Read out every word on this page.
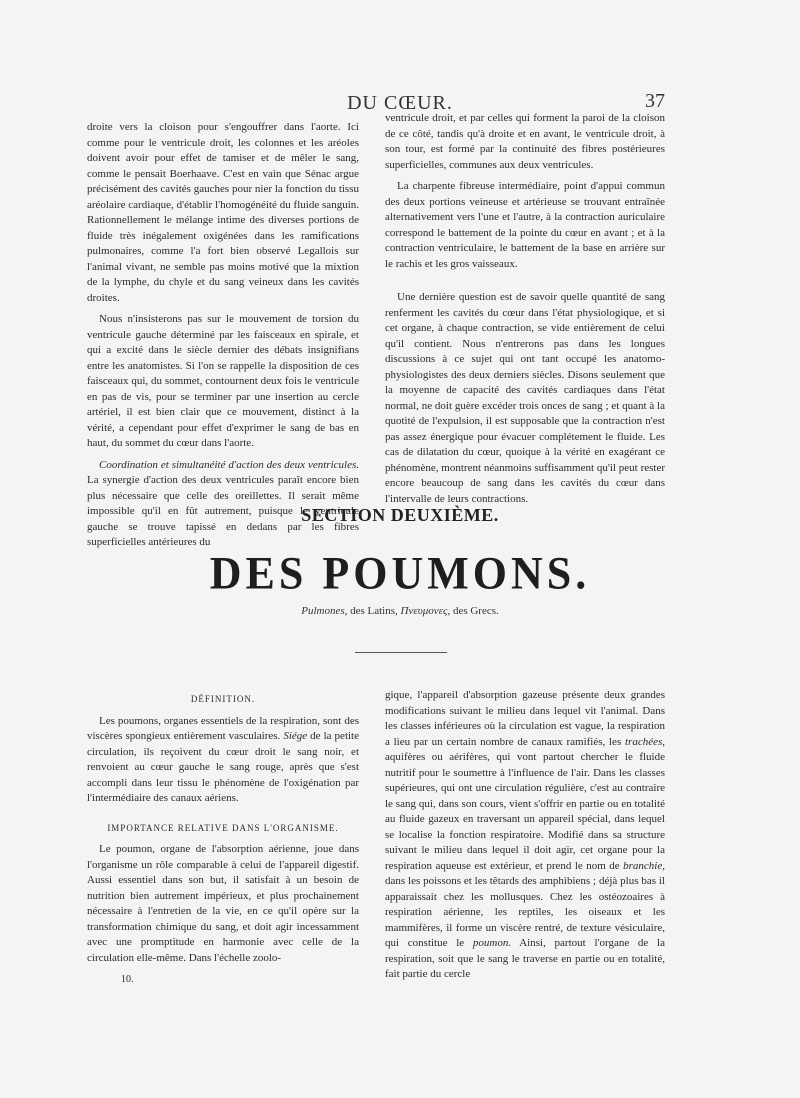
DU CŒUR.	37

droite vers la cloison pour s'engouffrer dans l'aorte. Ici comme pour le ventricule droit, les colonnes et les aréoles doivent avoir pour effet de tamiser et de mêler le sang, comme le pensait Boerhaave. C'est en vain que Sénac argue précisément des cavités gauches pour nier la fonction du tissu aréolaire cardiaque, d'établir l'homogénéité du fluide sanguin. Rationnellement le mélange intime des diverses portions de fluide très inégalement oxigénées dans les ramifications pulmonaires, comme l'a fort bien observé Legallois sur l'animal vivant, ne semble pas moins motivé que la mixtion de la lymphe, du chyle et du sang veineux dans les cavités droites.

Nous n'insisterons pas sur le mouvement de torsion du ventricule gauche déterminé par les faisceaux en spirale, et qui a excité dans le siècle dernier des débats insignifians entre les anatomistes. Si l'on se rappelle la disposition de ces faisceaux qui, du sommet, contournent deux fois le ventricule en pas de vis, pour se terminer par une insertion au cercle artériel, il est bien clair que ce mouvement, distinct à la vérité, a cependant pour effet d'exprimer le sang de bas en haut, du sommet du cœur dans l'aorte.

Coordination et simultanéité d'action des deux ventricules. La synergie d'action des deux ventricules paraît encore bien plus nécessaire que celle des oreillettes. Il serait même impossible qu'il en fût autrement, puisque le ventricule gauche se trouve tapissé en dedans par les fibres superficielles antérieures du

ventricule droit, et par celles qui forment la paroi de la cloison de ce côté, tandis qu'à droite et en avant, le ventricule droit, à son tour, est formé par la continuité des fibres postérieures superficielles, communes aux deux ventricules.

La charpente fibreuse intermédiaire, point d'appui commun des deux portions veineuse et artérieuse se trouvant entraînée alternativement vers l'une et l'autre, à la contraction auriculaire correspond le battement de la pointe du cœur en avant ; et à la contraction ventriculaire, le battement de la base en arrière sur le rachis et les gros vaisseaux.

Une dernière question est de savoir quelle quantité de sang renferment les cavités du cœur dans l'état physiologique, et si cet organe, à chaque contraction, se vide entièrement de celui qu'il contient. Nous n'entrerons pas dans les longues discussions à ce sujet qui ont tant occupé les anatomo-physiologistes des deux derniers siècles. Disons seulement que la moyenne de capacité des cavités cardiaques dans l'état normal, ne doit guère excéder trois onces de sang ; et quant à la quotité de l'expulsion, il est supposable que la contraction n'est pas assez énergique pour évacuer complétement le fluide. Les cas de dilatation du cœur, quoique à la vérité en exagérant ce phénomène, montrent néanmoins suffisamment qu'il peut rester encore beaucoup de sang dans les cavités du cœur dans l'intervalle de leurs contractions.

SECTION DEUXIÈME.
DES POUMONS.
Pulmones, des Latins, Πνευμονες, des Grecs.

DÉFINITION.

Les poumons, organes essentiels de la respiration, sont des viscères spongieux entièrement vasculaires. Siége de la petite circulation, ils reçoivent du cœur droit le sang noir, et renvoient au cœur gauche le sang rouge, après que s'est accompli dans leur tissu le phénomène de l'oxigénation par l'intermédiaire des canaux aériens.

IMPORTANCE RELATIVE DANS L'ORGANISME.

Le poumon, organe de l'absorption aérienne, joue dans l'organisme un rôle comparable à celui de l'appareil digestif. Aussi essentiel dans son but, il satisfait à un besoin de nutrition bien autrement impérieux, et plus prochainement nécessaire à l'entretien de la vie, en ce qu'il opère sur la transformation chimique du sang, et doit agir incessamment avec une promptitude en harmonie avec celle de la circulation elle-même. Dans l'échelle zoolo-

10.

gique, l'appareil d'absorption gazeuse présente deux grandes modifications suivant le milieu dans lequel vit l'animal. Dans les classes inférieures où la circulation est vague, la respiration a lieu par un certain nombre de canaux ramifiés, les trachées, aquifères ou aérifères, qui vont partout chercher le fluide nutritif pour le soumettre à l'influence de l'air. Dans les classes supérieures, qui ont une circulation régulière, c'est au contraire le sang qui, dans son cours, vient s'offrir en partie ou en totalité au fluide gazeux en traversant un appareil spécial, dans lequel se localise la fonction respiratoire. Modifié dans sa structure suivant le milieu dans lequel il doit agir, cet organe pour la respiration aqueuse est extérieur, et prend le nom de branchie, dans les poissons et les têtards des amphibiens ; déjà plus bas il apparaissait chez les mollusques. Chez les ostéozoaires à respiration aérienne, les reptiles, les oiseaux et les mammifères, il forme un viscère rentré, de texture vésiculaire, qui constitue le poumon. Ainsi, partout l'organe de la respiration, soit que le sang le traverse en partie ou en totalité, fait partie du cercle
